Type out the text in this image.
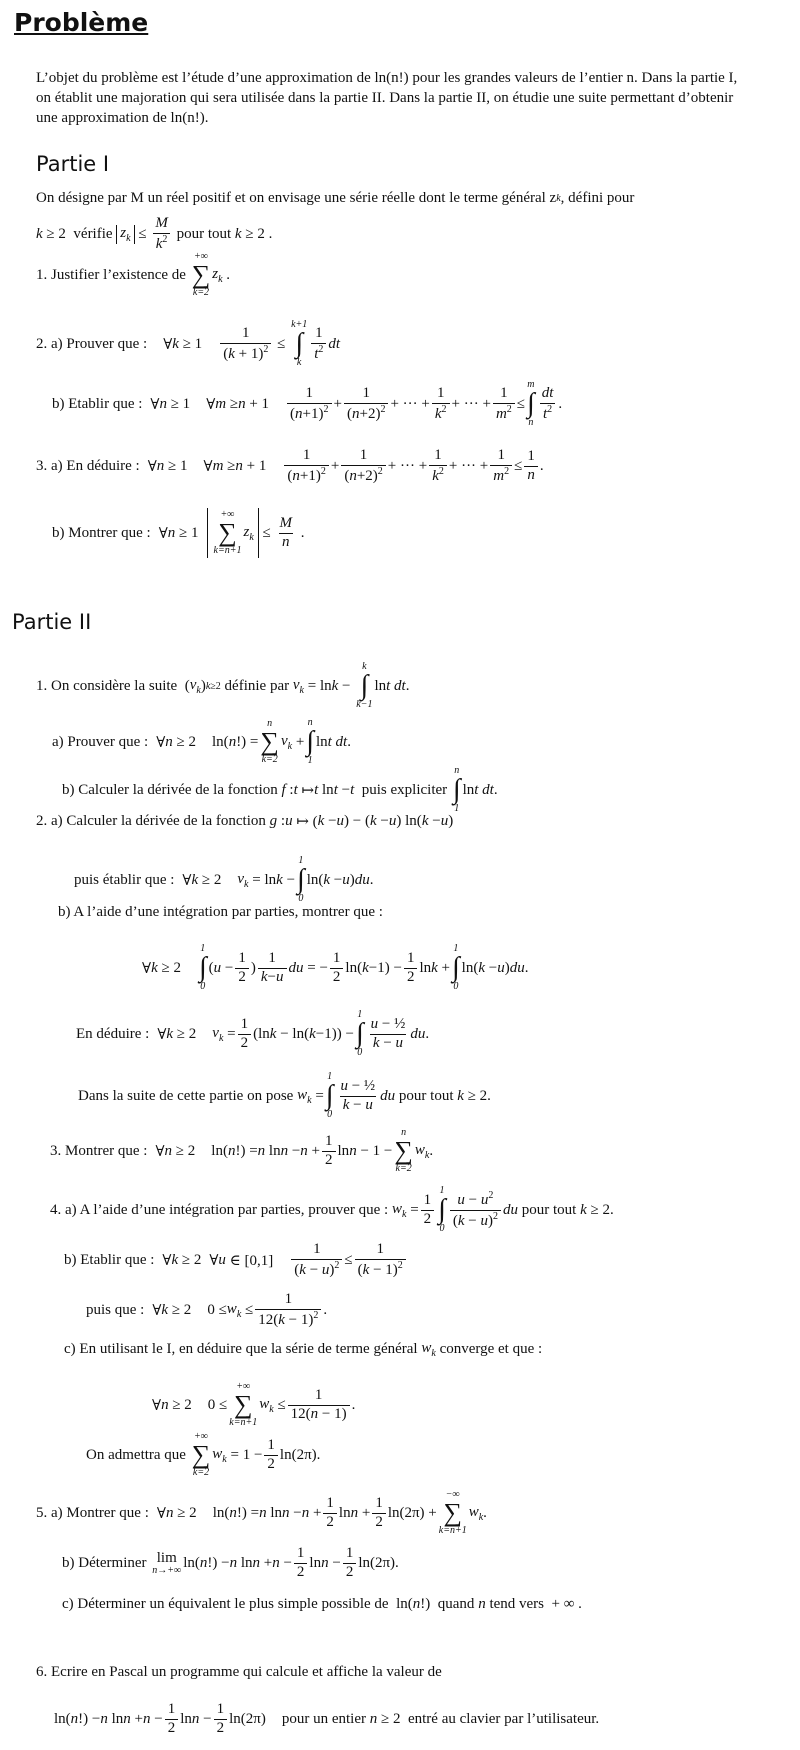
Problème
L’objet du problème est l’étude d’une approximation de ln(n!) pour les grandes valeurs de l’entier n. Dans la partie I, on établit une majoration qui sera utilisée dans la partie II. Dans la partie II, on étudie une suite permettant d’obtenir une approximation de ln(n!).
Partie I
On désigne par M un réel positif et on envisage une série réelle dont le terme général z k , défini pour
k ≥ 2 vérifie
$z_k \le \frac{M}{k^2}$
pour tout
k ≥ 2 .
1. Justifier l’existence de

+∞
∑
k=2
$z_k$ .
2. a) Prouver que : ∀ $k \ge 1 \frac{1}{(k + 1)^2}$ ≤
k+1
∫
k
$\frac{1}{t^2}$ dt
b) Etablir que : ∀ n ≥ 1 ∀ $m \ge n + 1 \frac{1}{(n+1)^2} + \frac{1}{(n+2)^2}$ + ··· + $\frac{1}{k^2}$ + ··· + $\frac{1}{m^2}$ ≤
m
∫
n
$\frac{dt}{t^2}$ .
3. a) En déduire : ∀ n ≥ 1 ∀ $m \ge n + 1 \frac{1}{(n+1)^2} + \frac{1}{(n+2)^2}$ + ··· + $\frac{1}{k^2}$ + ··· + $\frac{1}{m^2} \le \frac{1}{n}$ .
b) Montrer que : ∀ n ≥ 1
+∞
∑
k=n+1
$z_k \le \frac{M}{n}$ .
Partie II
1. On considère la suite ( $v_k$ ) k≥2
définie par
$v_k = \ln k$ −
k
∫
k−1
ln t dt .
a) Prouver que : ∀ n ≥ 2 ln( n !) =
n
∑
k=2
$v_k$ +
n
∫
1
ln t dt .
b) Calculer la dérivée de la fonction
f : t ↦ t ln t − t
puis expliciter

n
∫
1
ln t dt .
2. a) Calculer la dérivée de la fonction
g : u ↦ ( k − u ) − ( k − u ) ln( k − u )
puis établir que : ∀ k ≥ 2 $v_k = \ln k$ −
1
∫
0
ln( k − u ) du .
b) A l’aide d’une intégration par parties, montrer que :
∀ k ≥ 2
1
∫
0
( $u - \frac{1}{2}$ ) $\frac{1}{k-u}$ du = − $\frac{1}{2} \ln$( $k -1) - \frac{1}{2}$ ln k +
1
∫
0
ln( k − u ) du .
En déduire : ∀ k ≥ 2 $v_k = \frac{1}{2} (\ln$ k − ln( k −1)) −
1
∫
0
$\frac{\text{u − ½}}{k - u}$ du .
Dans la suite de cette partie on pose
$w_k$ =
1
∫
0
$\frac{\text{u − ½}}{k - u}$ du
pour tout
k ≥ 2.
3. Montrer que : ∀ n ≥ 2 ln( n !) = n $\ln n - n + \frac{1}{2}$ ln n − 1 −
n
∑
k=2
$w_k$ .
4. a) A l’aide d’une intégration par parties, prouver que :
$w_k = \frac{1}{2}$
1
∫
$0 \frac{u - u^2}{(k - u)^2}$ du
pour tout
k ≥ 2.
b) Etablir que : ∀ k ≥ 2 ∀ u ∈ $[0,1] \frac{1}{(k - u)^2} \le \frac{1}{(k - 1)^2}$
puis que : ∀ k ≥ 2 $0 \le w_k \le \frac{1}{12(k - 1)^2}$ .
c) En utilisant le I, en déduire que la série de terme général
$w_k$
converge et que :
∀ n ≥ 2 0 ≤
+∞
∑
k=n+1
$w_k \le \frac{1}{12(n - 1)}$ .
On admettra que

+∞
∑
k=2
$w_k = 1 - \frac{1}{2} \ln(2\pi)$.
5. a) Montrer que : ∀ n ≥ 2 ln( n !) = n $\ln n - n + \frac{1}{2}$ $\ln n + \frac{1}{2} \ln(2\pi)$ +
−∞
∑
k=n+1
$w_k$ .
b) Déterminer
lim
n→+∞ ln( n !) − n $\ln n + n - \frac{1}{2}$ $\ln n - \frac{1}{2} \ln(2\pi)$.
c) Déterminer un équivalent le plus simple possible de ln( n !) quand
n
tend vers + ∞ .
6. Ecrire en Pascal un programme qui calcule et affiche la valeur de
ln( n !) − n $\ln n + n - \frac{1}{2}$ $\ln n - \frac{1}{2} \ln(2\pi)$ pour un entier
n ≥ 2 entré au clavier par l’utilisateur.
